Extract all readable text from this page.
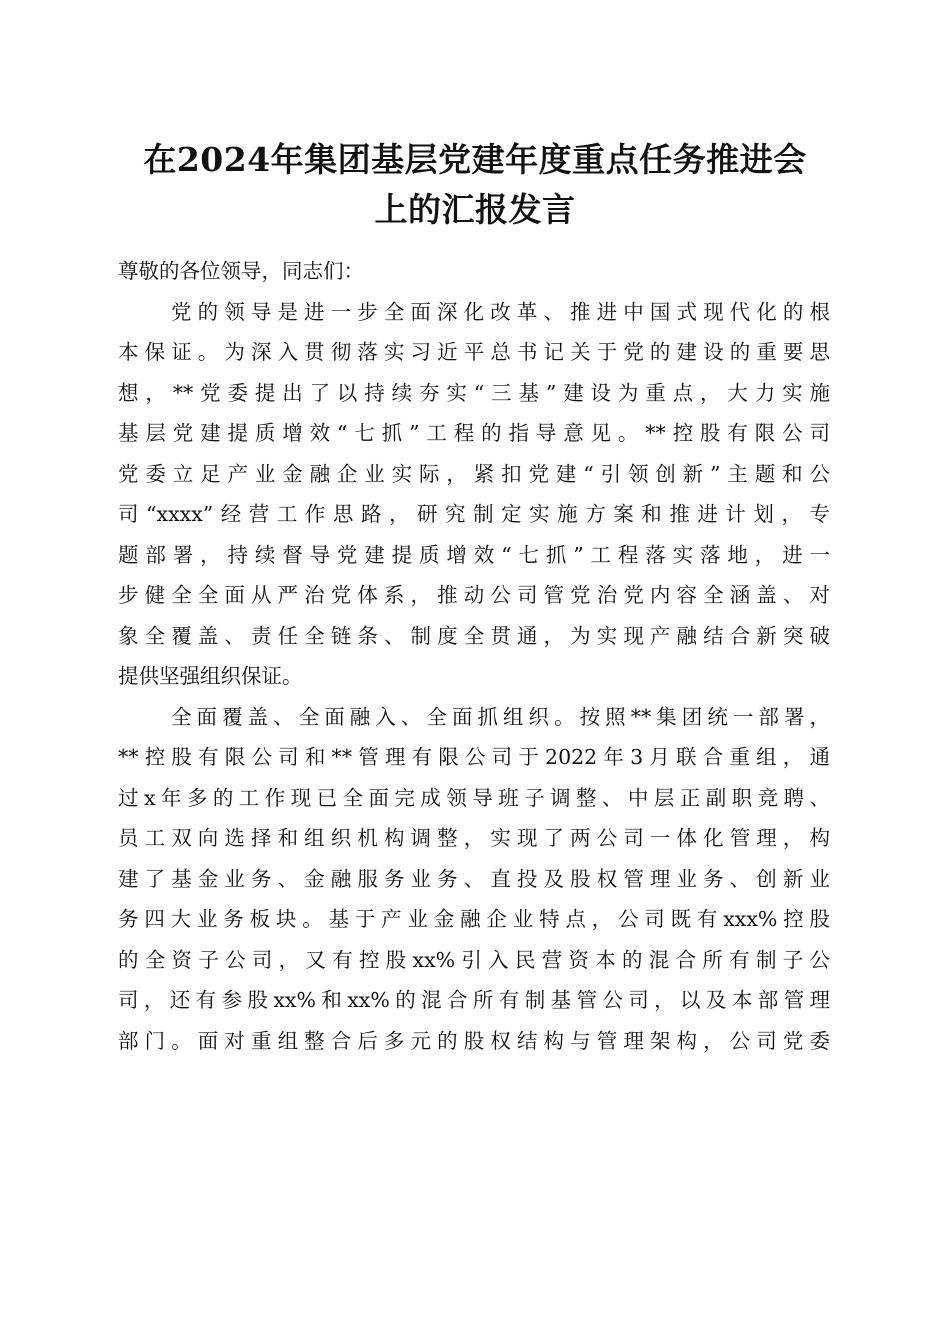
在2024年集团基层党建年度重点任务推进会
上的汇报发言

尊敬的各位领导，同志们：

党的领导是进一步全面深化改革、推进中国式现代化的根
本保证。为深入贯彻落实习近平总书记关于党的建设的重要思
想，**党委提出了以持续夯实“三基”建设为重点，大力实施
基层党建提质增效“七抓”工程的指导意见。**控股有限公司
党委立足产业金融企业实际，紧扣党建“引领创新”主题和公
司“xxxx”经营工作思路，研究制定实施方案和推进计划，专
题部署，持续督导党建提质增效“七抓”工程落实落地，进一
步健全全面从严治党体系，推动公司管党治党内容全涵盖、对
象全覆盖、责任全链条、制度全贯通，为实现产融结合新突破
提供坚强组织保证。

全面覆盖、全面融入、全面抓组织。按照**集团统一部署，
**控股有限公司和**管理有限公司于2022年3月联合重组，通
过x年多的工作现已全面完成领导班子调整、中层正副职竞聘、
员工双向选择和组织机构调整，实现了两公司一体化管理，构
建了基金业务、金融服务业务、直投及股权管理业务、创新业
务四大业务板块。基于产业金融企业特点，公司既有xxx%控股
的全资子公司，又有控股xx%引入民营资本的混合所有制子公
司，还有参股xx%和xx%的混合所有制基管公司，以及本部管理
部门。面对重组整合后多元的股权结构与管理架构，公司党委
